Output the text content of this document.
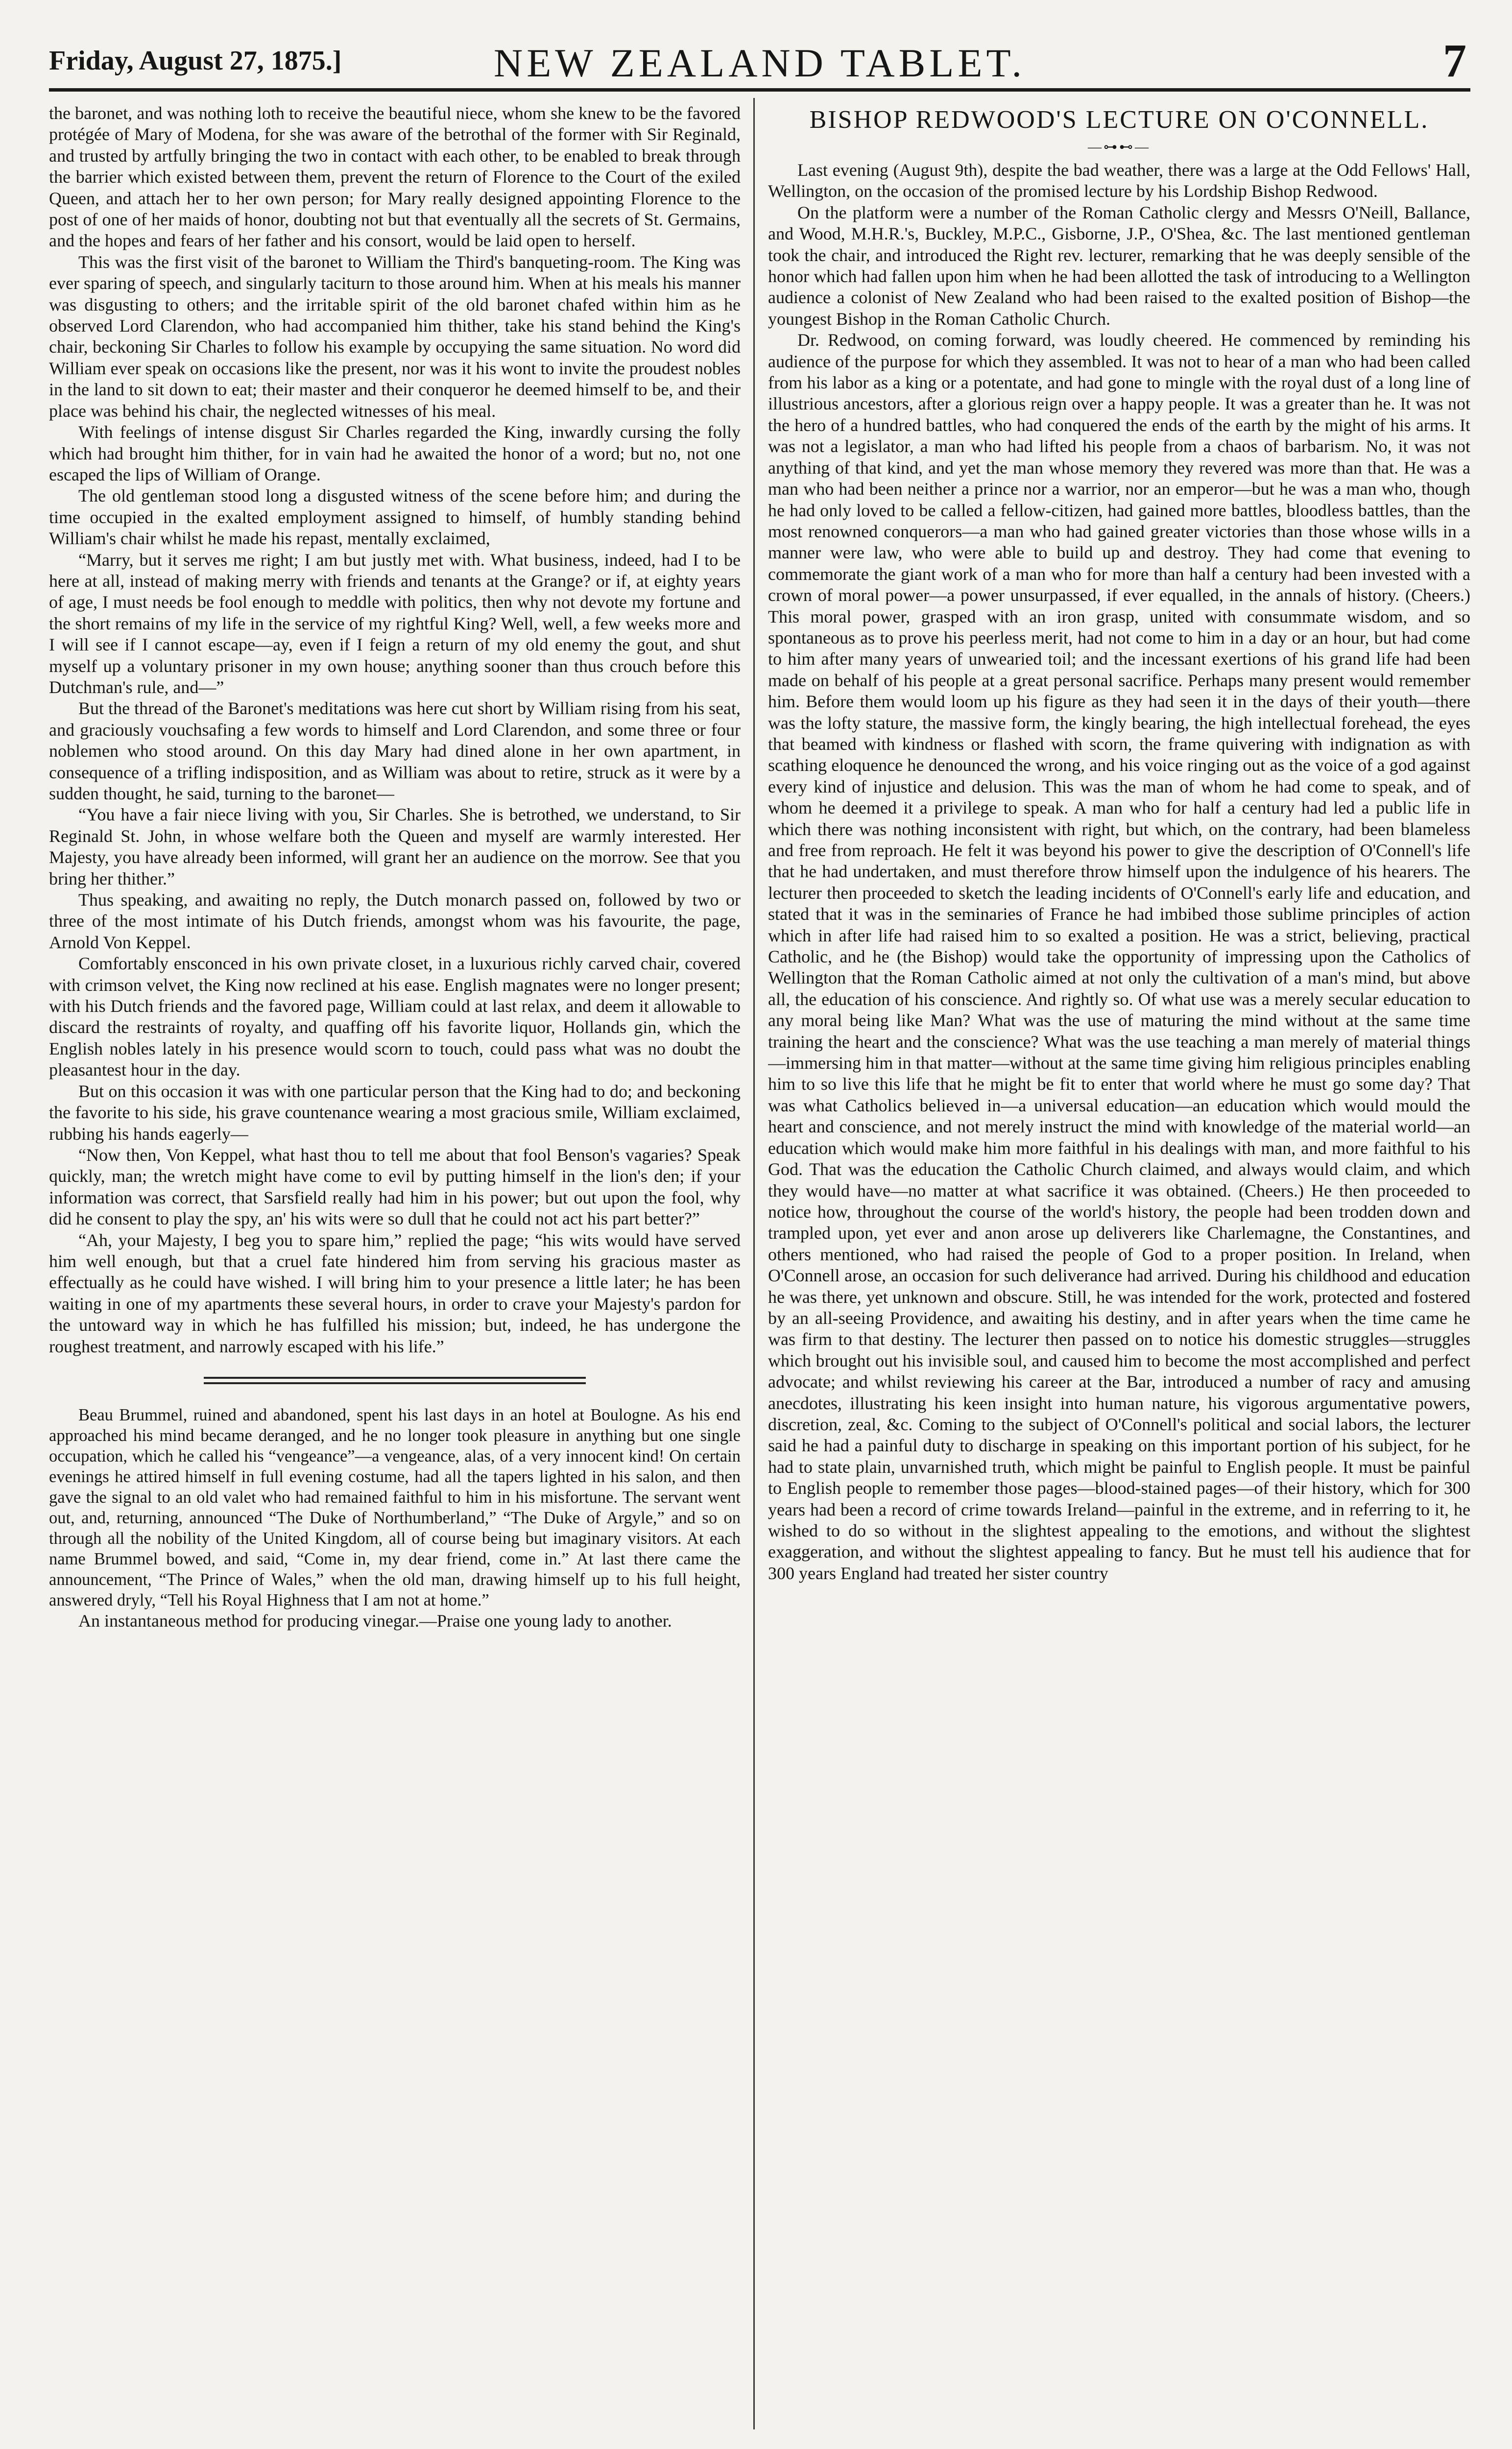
Friday, August 27, 1875.]	NEW ZEALAND TABLET.	7

the baronet, and was nothing loth to receive the beautiful niece, whom she knew to be the favored protégée of Mary of Modena, for she was aware of the betrothal of the former with Sir Reginald, and trusted by artfully bringing the two in contact with each other, to be enabled to break through the barrier which existed between them, prevent the return of Florence to the Court of the exiled Queen, and attach her to her own person; for Mary really designed appointing Florence to the post of one of her maids of honor, doubting not but that eventually all the secrets of St. Germains, and the hopes and fears of her father and his consort, would be laid open to herself.

This was the first visit of the baronet to William the Third's banqueting-room. The King was ever sparing of speech, and singularly taciturn to those around him. When at his meals his manner was disgusting to others; and the irritable spirit of the old baronet chafed within him as he observed Lord Clarendon, who had accompanied him thither, take his stand behind the King's chair, beckoning Sir Charles to follow his example by occupying the same situation. No word did William ever speak on occasions like the present, nor was it his wont to invite the proudest nobles in the land to sit down to eat; their master and their conqueror he deemed himself to be, and their place was behind his chair, the neglected witnesses of his meal.

With feelings of intense disgust Sir Charles regarded the King, inwardly cursing the folly which had brought him thither, for in vain had he awaited the honor of a word; but no, not one escaped the lips of William of Orange.

The old gentleman stood long a disgusted witness of the scene before him; and during the time occupied in the exalted employment assigned to himself, of humbly standing behind William's chair whilst he made his repast, mentally exclaimed,

“Marry, but it serves me right; I am but justly met with. What business, indeed, had I to be here at all, instead of making merry with friends and tenants at the Grange? or if, at eighty years of age, I must needs be fool enough to meddle with politics, then why not devote my fortune and the short remains of my life in the service of my rightful King? Well, well, a few weeks more and I will see if I cannot escape—ay, even if I feign a return of my old enemy the gout, and shut myself up a voluntary prisoner in my own house; anything sooner than thus crouch before this Dutchman's rule, and—”

But the thread of the Baronet's meditations was here cut short by William rising from his seat, and graciously vouchsafing a few words to himself and Lord Clarendon, and some three or four noblemen who stood around. On this day Mary had dined alone in her own apartment, in consequence of a trifling indisposition, and as William was about to retire, struck as it were by a sudden thought, he said, turning to the baronet—

“You have a fair niece living with you, Sir Charles. She is betrothed, we understand, to Sir Reginald St. John, in whose welfare both the Queen and myself are warmly interested. Her Majesty, you have already been informed, will grant her an audience on the morrow. See that you bring her thither.”

Thus speaking, and awaiting no reply, the Dutch monarch passed on, followed by two or three of the most intimate of his Dutch friends, amongst whom was his favourite, the page, Arnold Von Keppel.

Comfortably ensconced in his own private closet, in a luxurious richly carved chair, covered with crimson velvet, the King now reclined at his ease. English magnates were no longer present; with his Dutch friends and the favored page, William could at last relax, and deem it allowable to discard the restraints of royalty, and quaffing off his favorite liquor, Hollands gin, which the English nobles lately in his presence would scorn to touch, could pass what was no doubt the pleasantest hour in the day.

But on this occasion it was with one particular person that the King had to do; and beckoning the favorite to his side, his grave countenance wearing a most gracious smile, William exclaimed, rubbing his hands eagerly—

“Now then, Von Keppel, what hast thou to tell me about that fool Benson's vagaries? Speak quickly, man; the wretch might have come to evil by putting himself in the lion's den; if your information was correct, that Sarsfield really had him in his power; but out upon the fool, why did he consent to play the spy, an' his wits were so dull that he could not act his part better?”

“Ah, your Majesty, I beg you to spare him,” replied the page; “his wits would have served him well enough, but that a cruel fate hindered him from serving his gracious master as effectually as he could have wished. I will bring him to your presence a little later; he has been waiting in one of my apartments these several hours, in order to crave your Majesty's pardon for the untoward way in which he has fulfilled his mission; but, indeed, he has undergone the roughest treatment, and narrowly escaped with his life.”

Beau Brummel, ruined and abandoned, spent his last days in an hotel at Boulogne. As his end approached his mind became deranged, and he no longer took pleasure in anything but one single occupation, which he called his “vengeance”—a vengeance, alas, of a very innocent kind! On certain evenings he attired himself in full evening costume, had all the tapers lighted in his salon, and then gave the signal to an old valet who had remained faithful to him in his misfortune. The servant went out, and, returning, announced “The Duke of Northumberland,” “The Duke of Argyle,” and so on through all the nobility of the United Kingdom, all of course being but imaginary visitors. At each name Brummel bowed, and said, “Come in, my dear friend, come in.” At last there came the announcement, “The Prince of Wales,” when the old man, drawing himself up to his full height, answered dryly, “Tell his Royal Highness that I am not at home.”

An instantaneous method for producing vinegar.—Praise one young lady to another.

BISHOP REDWOOD'S LECTURE ON O'CONNELL.
—⊶⊷—

Last evening (August 9th), despite the bad weather, there was a large at the Odd Fellows' Hall, Wellington, on the occasion of the promised lecture by his Lordship Bishop Redwood.

On the platform were a number of the Roman Catholic clergy and Messrs O'Neill, Ballance, and Wood, M.H.R.'s, Buckley, M.P.C., Gisborne, J.P., O'Shea, &c. The last mentioned gentleman took the chair, and introduced the Right rev. lecturer, remarking that he was deeply sensible of the honor which had fallen upon him when he had been allotted the task of introducing to a Wellington audience a colonist of New Zealand who had been raised to the exalted position of Bishop—the youngest Bishop in the Roman Catholic Church.

Dr. Redwood, on coming forward, was loudly cheered. He commenced by reminding his audience of the purpose for which they assembled. It was not to hear of a man who had been called from his labor as a king or a potentate, and had gone to mingle with the royal dust of a long line of illustrious ancestors, after a glorious reign over a happy people. It was a greater than he. It was not the hero of a hundred battles, who had conquered the ends of the earth by the might of his arms. It was not a legislator, a man who had lifted his people from a chaos of barbarism. No, it was not anything of that kind, and yet the man whose memory they revered was more than that. He was a man who had been neither a prince nor a warrior, nor an emperor—but he was a man who, though he had only loved to be called a fellow-citizen, had gained more battles, bloodless battles, than the most renowned conquerors—a man who had gained greater victories than those whose wills in a manner were law, who were able to build up and destroy. They had come that evening to commemorate the giant work of a man who for more than half a century had been invested with a crown of moral power—a power unsurpassed, if ever equalled, in the annals of history. (Cheers.) This moral power, grasped with an iron grasp, united with consummate wisdom, and so spontaneous as to prove his peerless merit, had not come to him in a day or an hour, but had come to him after many years of unwearied toil; and the incessant exertions of his grand life had been made on behalf of his people at a great personal sacrifice. Perhaps many present would remember him. Before them would loom up his figure as they had seen it in the days of their youth—there was the lofty stature, the massive form, the kingly bearing, the high intellectual forehead, the eyes that beamed with kindness or flashed with scorn, the frame quivering with indignation as with scathing eloquence he denounced the wrong, and his voice ringing out as the voice of a god against every kind of injustice and delusion. This was the man of whom he had come to speak, and of whom he deemed it a privilege to speak. A man who for half a century had led a public life in which there was nothing inconsistent with right, but which, on the contrary, had been blameless and free from reproach. He felt it was beyond his power to give the description of O'Connell's life that he had undertaken, and must therefore throw himself upon the indulgence of his hearers. The lecturer then proceeded to sketch the leading incidents of O'Connell's early life and education, and stated that it was in the seminaries of France he had imbibed those sublime principles of action which in after life had raised him to so exalted a position. He was a strict, believing, practical Catholic, and he (the Bishop) would take the opportunity of impressing upon the Catholics of Wellington that the Roman Catholic aimed at not only the cultivation of a man's mind, but above all, the education of his conscience. And rightly so. Of what use was a merely secular education to any moral being like Man? What was the use of maturing the mind without at the same time training the heart and the conscience? What was the use teaching a man merely of material things—immersing him in that matter—without at the same time giving him religious principles enabling him to so live this life that he might be fit to enter that world where he must go some day? That was what Catholics believed in—a universal education—an education which would mould the heart and conscience, and not merely instruct the mind with knowledge of the material world—an education which would make him more faithful in his dealings with man, and more faithful to his God. That was the education the Catholic Church claimed, and always would claim, and which they would have—no matter at what sacrifice it was obtained. (Cheers.) He then proceeded to notice how, throughout the course of the world's history, the people had been trodden down and trampled upon, yet ever and anon arose up deliverers like Charlemagne, the Constantines, and others mentioned, who had raised the people of God to a proper position. In Ireland, when O'Connell arose, an occasion for such deliverance had arrived. During his childhood and education he was there, yet unknown and obscure. Still, he was intended for the work, protected and fostered by an all-seeing Providence, and awaiting his destiny, and in after years when the time came he was firm to that destiny. The lecturer then passed on to notice his domestic struggles—struggles which brought out his invisible soul, and caused him to become the most accomplished and perfect advocate; and whilst reviewing his career at the Bar, introduced a number of racy and amusing anecdotes, illustrating his keen insight into human nature, his vigorous argumentative powers, discretion, zeal, &c. Coming to the subject of O'Connell's political and social labors, the lecturer said he had a painful duty to discharge in speaking on this important portion of his subject, for he had to state plain, unvarnished truth, which might be painful to English people. It must be painful to English people to remember those pages—blood-stained pages—of their history, which for 300 years had been a record of crime towards Ireland—painful in the extreme, and in referring to it, he wished to do so without in the slightest appealing to the emotions, and without the slightest exaggeration, and without the slightest appealing to fancy. But he must tell his audience that for 300 years England had treated her sister country
